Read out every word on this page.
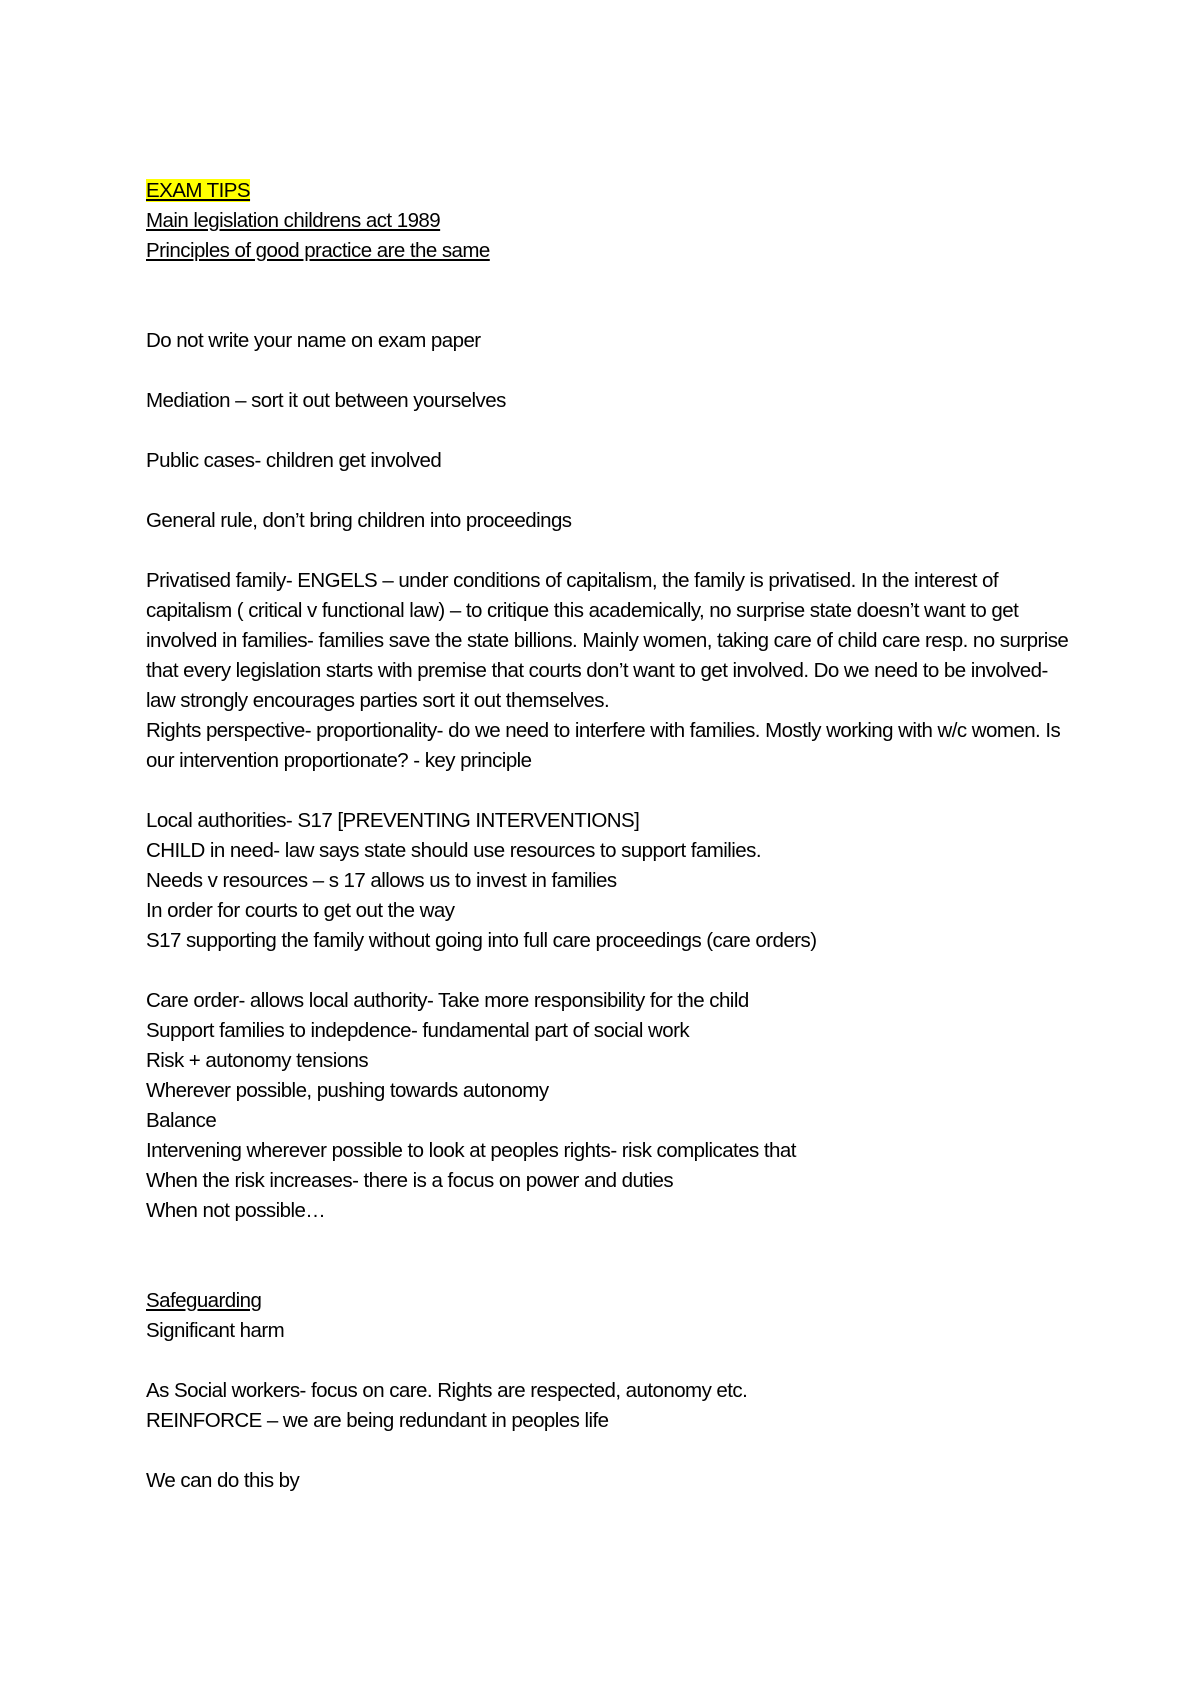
EXAM TIPS
Main legislation childrens act 1989
Principles of good practice are the same
Do not write your name on exam paper
Mediation – sort it out between yourselves
Public cases- children get involved
General rule, don’t bring children into proceedings
Privatised family- ENGELS – under conditions of capitalism, the family is privatised. In the interest of capitalism ( critical v functional law) – to critique this academically, no surprise state doesn’t want to get involved in families- families save the state billions. Mainly women, taking care of child care resp. no surprise that every legislation starts with premise that courts don’t want to get involved. Do we need to be involved- law strongly encourages parties sort it out themselves.
Rights perspective- proportionality- do we need to interfere with families. Mostly working with w/c women. Is our intervention proportionate? - key principle
Local authorities- S17 [PREVENTING INTERVENTIONS]
CHILD in need- law says state should use resources to support families.
Needs v resources – s 17 allows us to invest in families
In order for courts to get out the way
S17 supporting the family without going into full care proceedings (care orders)
Care order- allows local authority- Take more responsibility for the child
Support families to indepdence- fundamental part of social work
Risk + autonomy tensions
Wherever possible, pushing towards autonomy
Balance
Intervening wherever possible to look at peoples rights- risk complicates that
When the risk increases- there is a focus on power and duties
When not possible…
Safeguarding
Significant harm
As Social workers- focus on care. Rights are respected, autonomy etc.
REINFORCE – we are being redundant in peoples life
We can do this by
